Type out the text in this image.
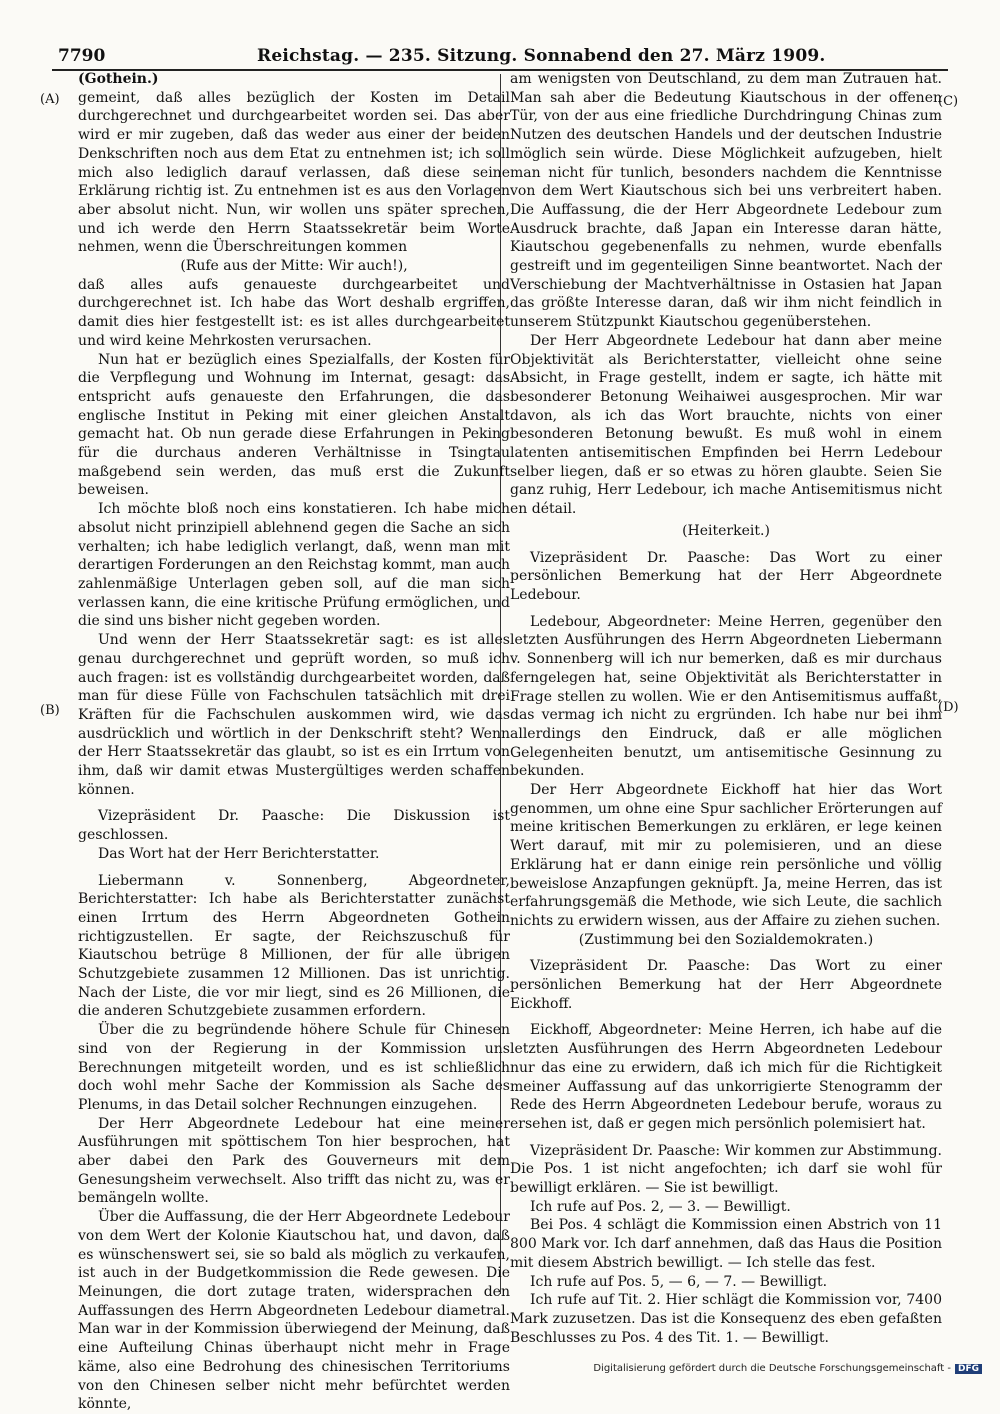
7790	Reichstag. — 235. Sitzung. Sonnabend den 27. März 1909.
(A)
(B)
(C)
(D)

(Gothein.)

gemeint, daß alles bezüglich der Kosten im Detail durchgerechnet und durchgearbeitet worden sei. Das aber wird er mir zugeben, daß das weder aus einer der beiden Denkschriften noch aus dem Etat zu entnehmen ist; ich soll mich also lediglich darauf verlassen, daß diese seine Erklärung richtig ist. Zu entnehmen ist es aus den Vorlagen aber absolut nicht. Nun, wir wollen uns später sprechen, und ich werde den Herrn Staatssekretär beim Worte nehmen, wenn die Überschreitungen kommen

(Rufe aus der Mitte: Wir auch!),

daß alles aufs genaueste durchgearbeitet und durchgerechnet ist. Ich habe das Wort deshalb ergriffen, damit dies hier festgestellt ist: es ist alles durchgearbeitet und wird keine Mehrkosten verursachen.

Nun hat er bezüglich eines Spezialfalls, der Kosten für die Verpflegung und Wohnung im Internat, gesagt: das entspricht aufs genaueste den Erfahrungen, die das englische Institut in Peking mit einer gleichen Anstalt gemacht hat. Ob nun gerade diese Erfahrungen in Peking für die durchaus anderen Verhältnisse in Tsingtau maßgebend sein werden, das muß erst die Zukunft beweisen.

Ich möchte bloß noch eins konstatieren. Ich habe mich absolut nicht prinzipiell ablehnend gegen die Sache an sich verhalten; ich habe lediglich verlangt, daß, wenn man mit derartigen Forderungen an den Reichstag kommt, man auch zahlenmäßige Unterlagen geben soll, auf die man sich verlassen kann, die eine kritische Prüfung ermöglichen, und die sind uns bisher nicht gegeben worden.

Und wenn der Herr Staatssekretär sagt: es ist alles genau durchgerechnet und geprüft worden, so muß ich auch fragen: ist es vollständig durchgearbeitet worden, daß man für diese Fülle von Fachschulen tatsächlich mit drei Kräften für die Fachschulen auskommen wird, wie das ausdrücklich und wörtlich in der Denkschrift steht? Wenn der Herr Staatssekretär das glaubt, so ist es ein Irrtum von ihm, daß wir damit etwas Mustergültiges werden schaffen können.

Vizepräsident Dr. Paasche: Die Diskussion ist geschlossen.

Das Wort hat der Herr Berichterstatter.

Liebermann v. Sonnenberg, Abgeordneter, Berichterstatter: Ich habe als Berichterstatter zunächst einen Irrtum des Herrn Abgeordneten Gothein richtigzustellen. Er sagte, der Reichszuschuß für Kiautschou betrüge 8 Millionen, der für alle übrigen Schutzgebiete zusammen 12 Millionen. Das ist unrichtig. Nach der Liste, die vor mir liegt, sind es 26 Millionen, die die anderen Schutzgebiete zusammen erfordern.

Über die zu begründende höhere Schule für Chinesen sind von der Regierung in der Kommission uns Berechnungen mitgeteilt worden, und es ist schließlich doch wohl mehr Sache der Kommission als Sache des Plenums, in das Detail solcher Rechnungen einzugehen.

Der Herr Abgeordnete Ledebour hat eine meiner Ausführungen mit spöttischem Ton hier besprochen, hat aber dabei den Park des Gouverneurs mit dem Genesungsheim verwechselt. Also trifft das nicht zu, was er bemängeln wollte.

Über die Auffassung, die der Herr Abgeordnete Ledebour von dem Wert der Kolonie Kiautschou hat, und davon, daß es wünschenswert sei, sie so bald als möglich zu verkaufen, ist auch in der Budgetkommission die Rede gewesen. Die Meinungen, die dort zutage traten, widersprachen den Auffassungen des Herrn Abgeordneten Ledebour diametral. Man war in der Kommission überwiegend der Meinung, daß eine Aufteilung Chinas überhaupt nicht mehr in Frage käme, also eine Bedrohung des chinesischen Territoriums von den Chinesen selber nicht mehr befürchtet werden könnte,

am wenigsten von Deutschland, zu dem man Zutrauen hat. Man sah aber die Bedeutung Kiautschous in der offenen Tür, von der aus eine friedliche Durchdringung Chinas zum Nutzen des deutschen Handels und der deutschen Industrie möglich sein würde. Diese Möglichkeit aufzugeben, hielt man nicht für tunlich, besonders nachdem die Kenntnisse von dem Wert Kiautschous sich bei uns verbreitert haben. Die Auffassung, die der Herr Abgeordnete Ledebour zum Ausdruck brachte, daß Japan ein Interesse daran hätte, Kiautschou gegebenenfalls zu nehmen, wurde ebenfalls gestreift und im gegenteiligen Sinne beantwortet. Nach der Verschiebung der Machtverhältnisse in Ostasien hat Japan das größte Interesse daran, daß wir ihm nicht feindlich in unserem Stützpunkt Kiautschou gegenüberstehen.

Der Herr Abgeordnete Ledebour hat dann aber meine Objektivität als Berichterstatter, vielleicht ohne seine Absicht, in Frage gestellt, indem er sagte, ich hätte mit besonderer Betonung Weihaiwei ausgesprochen. Mir war davon, als ich das Wort brauchte, nichts von einer besonderen Betonung bewußt. Es muß wohl in einem latenten antisemitischen Empfinden bei Herrn Ledebour selber liegen, daß er so etwas zu hören glaubte. Seien Sie ganz ruhig, Herr Ledebour, ich mache Antisemitismus nicht en détail.

(Heiterkeit.)

Vizepräsident Dr. Paasche: Das Wort zu einer persönlichen Bemerkung hat der Herr Abgeordnete Ledebour.

Ledebour, Abgeordneter: Meine Herren, gegenüber den letzten Ausführungen des Herrn Abgeordneten Liebermann v. Sonnenberg will ich nur bemerken, daß es mir durchaus ferngelegen hat, seine Objektivität als Berichterstatter in Frage stellen zu wollen. Wie er den Antisemitismus auffaßt, das vermag ich nicht zu ergründen. Ich habe nur bei ihm allerdings den Eindruck, daß er alle möglichen Gelegenheiten benutzt, um antisemitische Gesinnung zu bekunden.

Der Herr Abgeordnete Eickhoff hat hier das Wort genommen, um ohne eine Spur sachlicher Erörterungen auf meine kritischen Bemerkungen zu erklären, er lege keinen Wert darauf, mit mir zu polemisieren, und an diese Erklärung hat er dann einige rein persönliche und völlig beweislose Anzapfungen geknüpft. Ja, meine Herren, das ist erfahrungsgemäß die Methode, wie sich Leute, die sachlich nichts zu erwidern wissen, aus der Affaire zu ziehen suchen.

(Zustimmung bei den Sozialdemokraten.)

Vizepräsident Dr. Paasche: Das Wort zu einer persönlichen Bemerkung hat der Herr Abgeordnete Eickhoff.

Eickhoff, Abgeordneter: Meine Herren, ich habe auf die letzten Ausführungen des Herrn Abgeordneten Ledebour nur das eine zu erwidern, daß ich mich für die Richtigkeit meiner Auffassung auf das unkorrigierte Stenogramm der Rede des Herrn Abgeordneten Ledebour berufe, woraus zu ersehen ist, daß er gegen mich persönlich polemisiert hat.

Vizepräsident Dr. Paasche: Wir kommen zur Abstimmung. Die Pos. 1 ist nicht angefochten; ich darf sie wohl für bewilligt erklären. — Sie ist bewilligt.

Ich rufe auf Pos. 2, — 3. — Bewilligt.

Bei Pos. 4 schlägt die Kommission einen Abstrich von 11 800 Mark vor. Ich darf annehmen, daß das Haus die Position mit diesem Abstrich bewilligt. — Ich stelle das fest.

Ich rufe auf Pos. 5, — 6, — 7. — Bewilligt.

Ich rufe auf Tit. 2. Hier schlägt die Kommission vor, 7400 Mark zuzusetzen. Das ist die Konsequenz des eben gefaßten Beschlusses zu Pos. 4 des Tit. 1. — Bewilligt.

Digitalisierung gefördert durch die Deutsche Forschungsgemeinschaft - DFG
